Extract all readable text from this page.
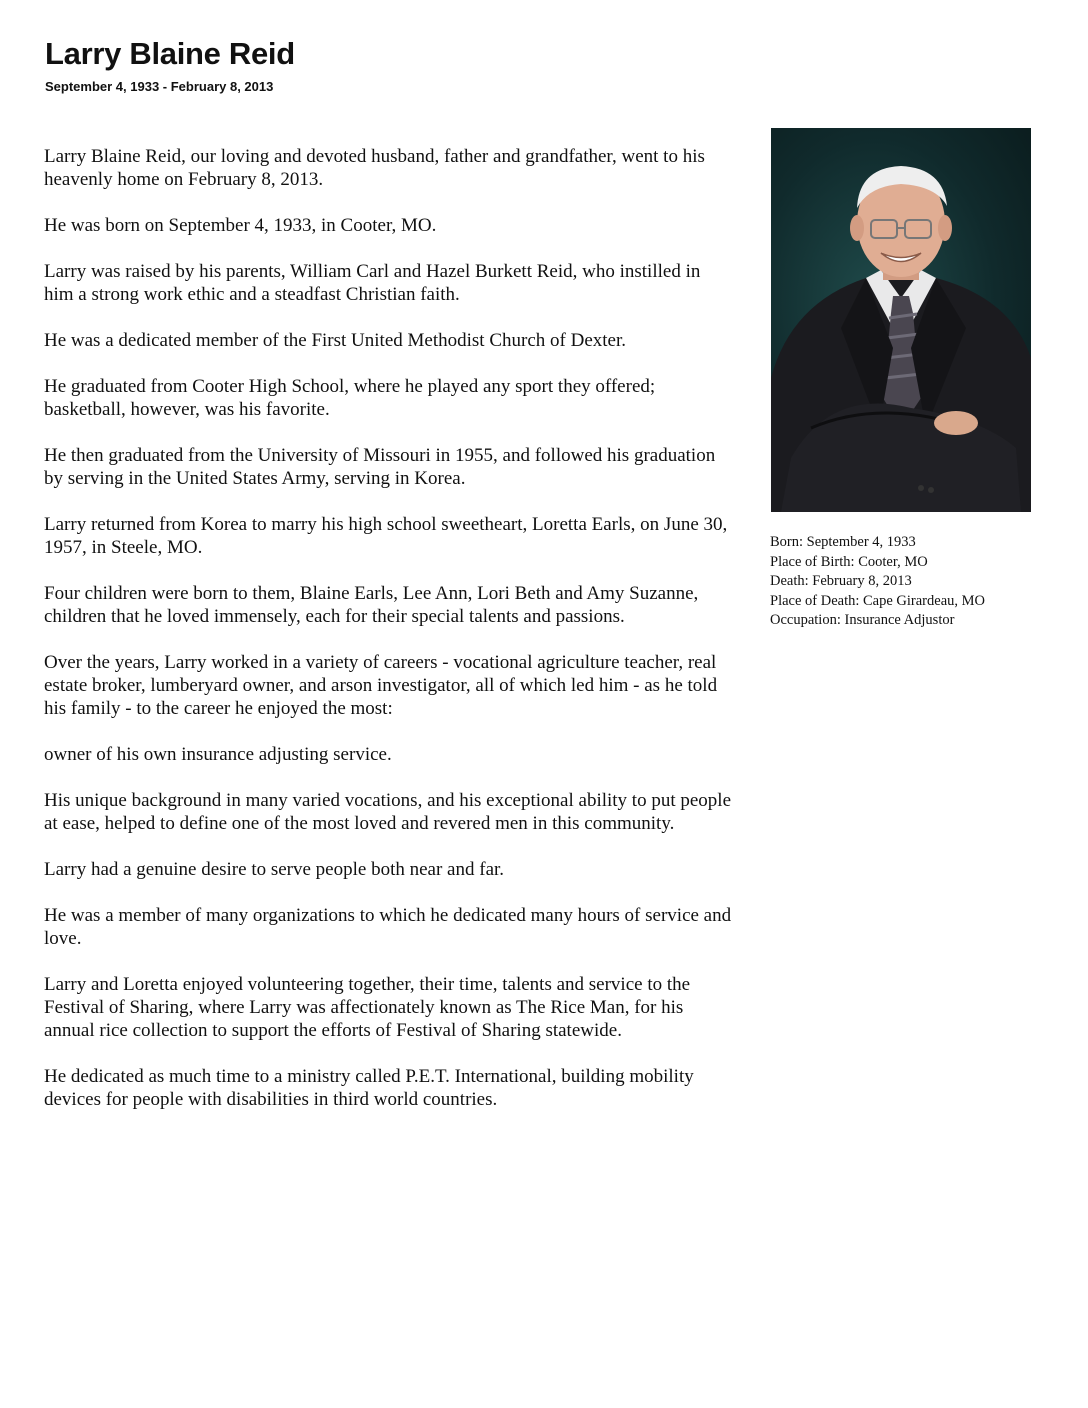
Larry Blaine Reid
September 4, 1933 - February 8, 2013

Larry Blaine Reid, our loving and devoted husband, father and grandfather, went to his heavenly home on February 8, 2013.

He was born on September 4, 1933, in Cooter, MO.

Larry was raised by his parents, William Carl and Hazel Burkett Reid, who instilled in him a strong work ethic and a steadfast Christian faith.

He was a dedicated member of the First United Methodist Church of Dexter.

He graduated from Cooter High School, where he played any sport they offered; basketball, however, was his favorite.

He then graduated from the University of Missouri in 1955, and followed his graduation by serving in the United States Army, serving in Korea.

Larry returned from Korea to marry his high school sweetheart, Loretta Earls, on June 30, 1957, in Steele, MO.

Four children were born to them, Blaine Earls, Lee Ann, Lori Beth and Amy Suzanne, children that he loved immensely, each for their special talents and passions.

Over the years, Larry worked in a variety of careers - vocational agriculture teacher, real estate broker, lumberyard owner, and arson investigator, all of which led him - as he told his family - to the career he enjoyed the most:

owner of his own insurance adjusting service.

His unique background in many varied vocations, and his exceptional ability to put people at ease, helped to define one of the most loved and revered men in this community.

Larry had a genuine desire to serve people both near and far.

He was a member of many organizations to which he dedicated many hours of service and love.

Larry and Loretta enjoyed volunteering together, their time, talents and service to the Festival of Sharing, where Larry was affectionately known as The Rice Man, for his annual rice collection to support the efforts of Festival of Sharing statewide.

He dedicated as much time to a ministry called P.E.T. International, building mobility devices for people with disabilities in third world countries.

Born: September 4, 1933
Place of Birth: Cooter, MO
Death: February 8, 2013
Place of Death: Cape Girardeau, MO
Occupation: Insurance Adjustor
